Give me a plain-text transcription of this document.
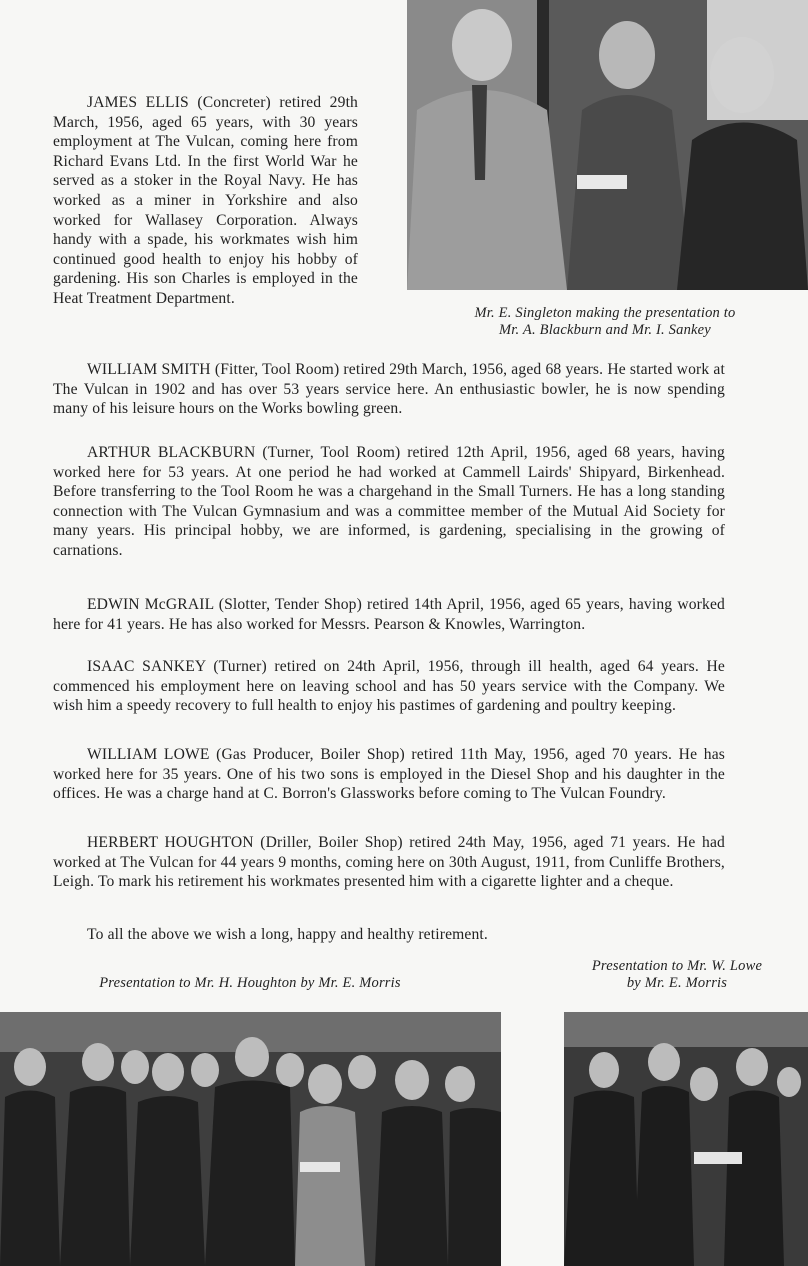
Mr. E. Singleton making the presentation to
Mr. A. Blackburn and Mr. I. Sankey

JAMES ELLIS (Concreter) retired 29th March, 1956, aged 65 years, with 30 years employment at The Vulcan, coming here from Richard Evans Ltd. In the first World War he served as a stoker in the Royal Navy. He has worked as a miner in Yorkshire and also worked for Wallasey Corporation. Always handy with a spade, his workmates wish him continued good health to enjoy his hobby of gardening. His son Charles is employed in the Heat Treatment Department.

WILLIAM SMITH (Fitter, Tool Room) retired 29th March, 1956, aged 68 years. He started work at The Vulcan in 1902 and has over 53 years service here. An enthusiastic bowler, he is now spending many of his leisure hours on the Works bowling green.

ARTHUR BLACKBURN (Turner, Tool Room) retired 12th April, 1956, aged 68 years, having worked here for 53 years. At one period he had worked at Cammell Lairds' Shipyard, Birkenhead. Before transferring to the Tool Room he was a chargehand in the Small Turners. He has a long standing connection with The Vulcan Gymnasium and was a committee member of the Mutual Aid Society for many years. His principal hobby, we are informed, is gardening, specialising in the growing of carnations.

EDWIN McGRAIL (Slotter, Tender Shop) retired 14th April, 1956, aged 65 years, having worked here for 41 years. He has also worked for Messrs. Pearson & Knowles, Warrington.

ISAAC SANKEY (Turner) retired on 24th April, 1956, through ill health, aged 64 years. He commenced his employment here on leaving school and has 50 years service with the Company. We wish him a speedy recovery to full health to enjoy his pastimes of gardening and poultry keeping.

WILLIAM LOWE (Gas Producer, Boiler Shop) retired 11th May, 1956, aged 70 years. He has worked here for 35 years. One of his two sons is employed in the Diesel Shop and his daughter in the offices. He was a charge hand at C. Borron's Glassworks before coming to The Vulcan Foundry.

HERBERT HOUGHTON (Driller, Boiler Shop) retired 24th May, 1956, aged 71 years. He had worked at The Vulcan for 44 years 9 months, coming here on 30th August, 1911, from Cunliffe Brothers, Leigh. To mark his retirement his workmates presented him with a cigarette lighter and a cheque.

To all the above we wish a long, happy and healthy retirement.

Presentation to Mr. H. Houghton by Mr. E. Morris
Presentation to Mr. W. Lowe
by Mr. E. Morris
